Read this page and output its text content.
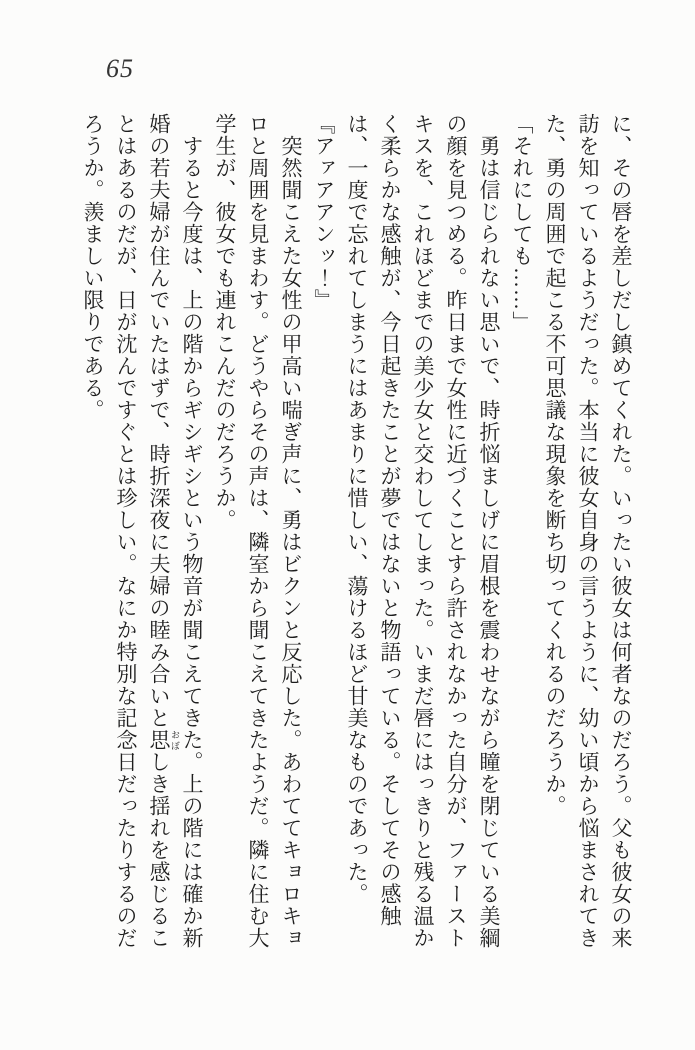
65

に、その唇を差しだし鎮めてくれた。いったい彼女は何者なのだろう。父も彼女の来訪を知っているようだった。本当に彼女自身の言うように、幼い頃から悩まされてきた、勇の周囲で起こる不可思議な現象を断ち切ってくれるのだろうか。

「それにしても……」

勇は信じられない思いで、時折悩ましげに眉根を震わせながら瞳を閉じている美綱の顔を見つめる。昨日まで女性に近づくことすら許されなかった自分が、ファーストキスを、これほどまでの美少女と交わしてしまった。いまだ唇にはっきりと残る温かく柔らかな感触が、今日起きたことが夢ではないと物語っている。そしてその感触は、一度で忘れてしまうにはあまりに惜しい、蕩けるほど甘美なものであった。

『アァアアンッ！』

突然聞こえた女性の甲高い喘ぎ声に、勇はビクンと反応した。あわててキョロキョロと周囲を見まわす。どうやらその声は、隣室から聞こえてきたようだ。隣に住む大学生が、彼女でも連れこんだのだろうか。

すると今度は、上の階からギシギシという物音が聞こえてきた。上の階には確か新婚の若夫婦が住んでいたはずで、時折深夜に夫婦の睦み合いと思 おぼしき揺れを感じることはあるのだが、日が沈んですぐとは珍しい。なにか特別な記念日だったりするのだろうか。羨ましい限りである。
